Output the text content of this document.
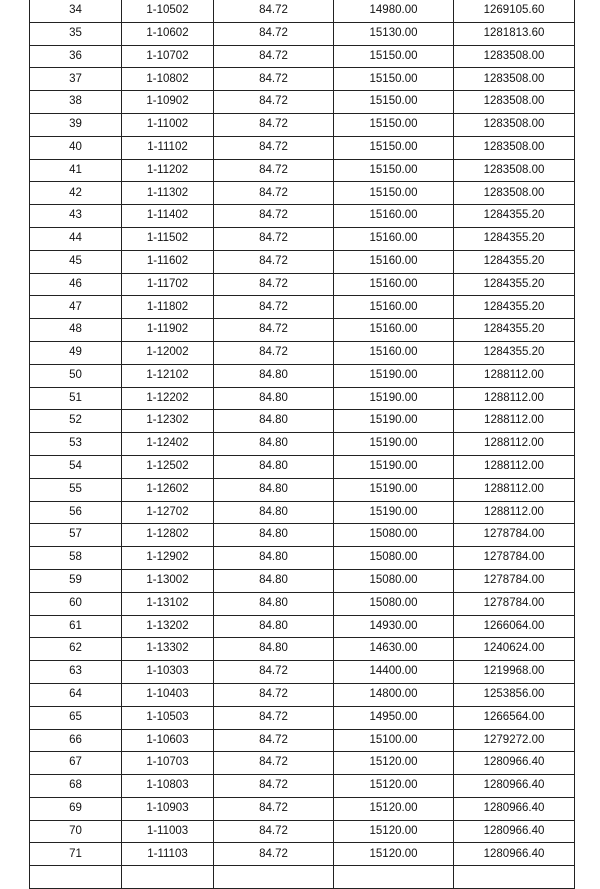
34	1-10502	84.72	14980.00	1269105.60
35	1-10602	84.72	15130.00	1281813.60
36	1-10702	84.72	15150.00	1283508.00
37	1-10802	84.72	15150.00	1283508.00
38	1-10902	84.72	15150.00	1283508.00
39	1-11002	84.72	15150.00	1283508.00
40	1-11102	84.72	15150.00	1283508.00
41	1-11202	84.72	15150.00	1283508.00
42	1-11302	84.72	15150.00	1283508.00
43	1-11402	84.72	15160.00	1284355.20
44	1-11502	84.72	15160.00	1284355.20
45	1-11602	84.72	15160.00	1284355.20
46	1-11702	84.72	15160.00	1284355.20
47	1-11802	84.72	15160.00	1284355.20
48	1-11902	84.72	15160.00	1284355.20
49	1-12002	84.72	15160.00	1284355.20
50	1-12102	84.80	15190.00	1288112.00
51	1-12202	84.80	15190.00	1288112.00
52	1-12302	84.80	15190.00	1288112.00
53	1-12402	84.80	15190.00	1288112.00
54	1-12502	84.80	15190.00	1288112.00
55	1-12602	84.80	15190.00	1288112.00
56	1-12702	84.80	15190.00	1288112.00
57	1-12802	84.80	15080.00	1278784.00
58	1-12902	84.80	15080.00	1278784.00
59	1-13002	84.80	15080.00	1278784.00
60	1-13102	84.80	15080.00	1278784.00
61	1-13202	84.80	14930.00	1266064.00
62	1-13302	84.80	14630.00	1240624.00
63	1-10303	84.72	14400.00	1219968.00
64	1-10403	84.72	14800.00	1253856.00
65	1-10503	84.72	14950.00	1266564.00
66	1-10603	84.72	15100.00	1279272.00
67	1-10703	84.72	15120.00	1280966.40
68	1-10803	84.72	15120.00	1280966.40
69	1-10903	84.72	15120.00	1280966.40
70	1-11003	84.72	15120.00	1280966.40
71	1-11103	84.72	15120.00	1280966.40
